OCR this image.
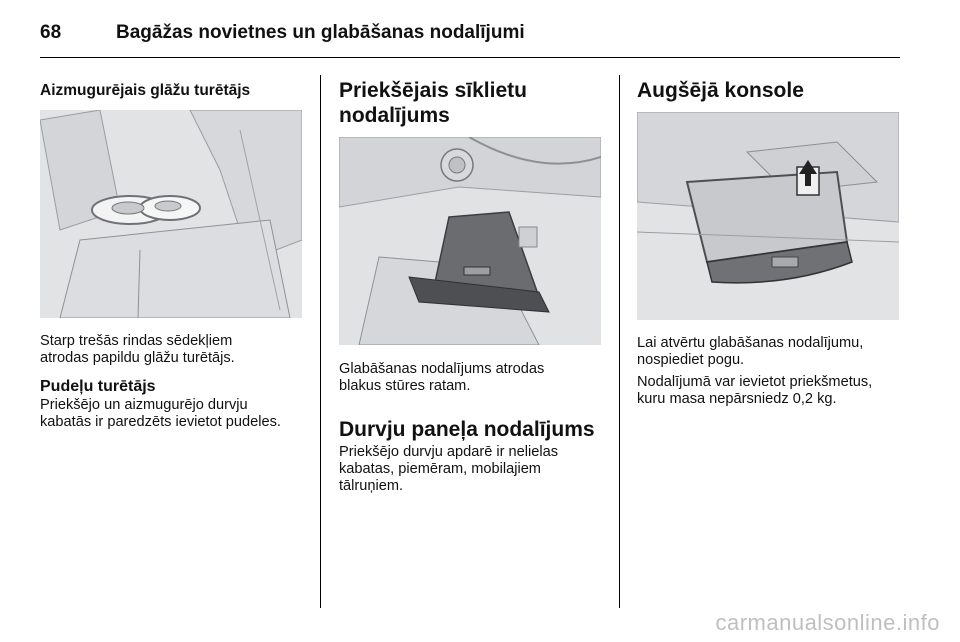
68	Bagāžas novietnes un glabāšanas nodalījumi
Aizmugurējais glāžu turētājs

Starp trešās rindas sēdekļiem

atrodas papildu glāžu turētājs.

Pudeļu turētājs

Priekšējo un aizmugurējo durvju

kabatās ir paredzēts ievietot pudeles.

Priekšējais sīklietu
nodalījums

Glabāšanas nodalījums atrodas

blakus stūres ratam.

Durvju paneļa nodalījums

Priekšējo durvju apdarē ir nelielas

kabatas, piemēram, mobilajiem

tālruņiem.

Augšējā konsole

Lai atvērtu glabāšanas nodalījumu,

nospiediet pogu.

Nodalījumā var ievietot priekšmetus,

kuru masa nepārsniedz 0,2 kg.

carmanualsonline.info
